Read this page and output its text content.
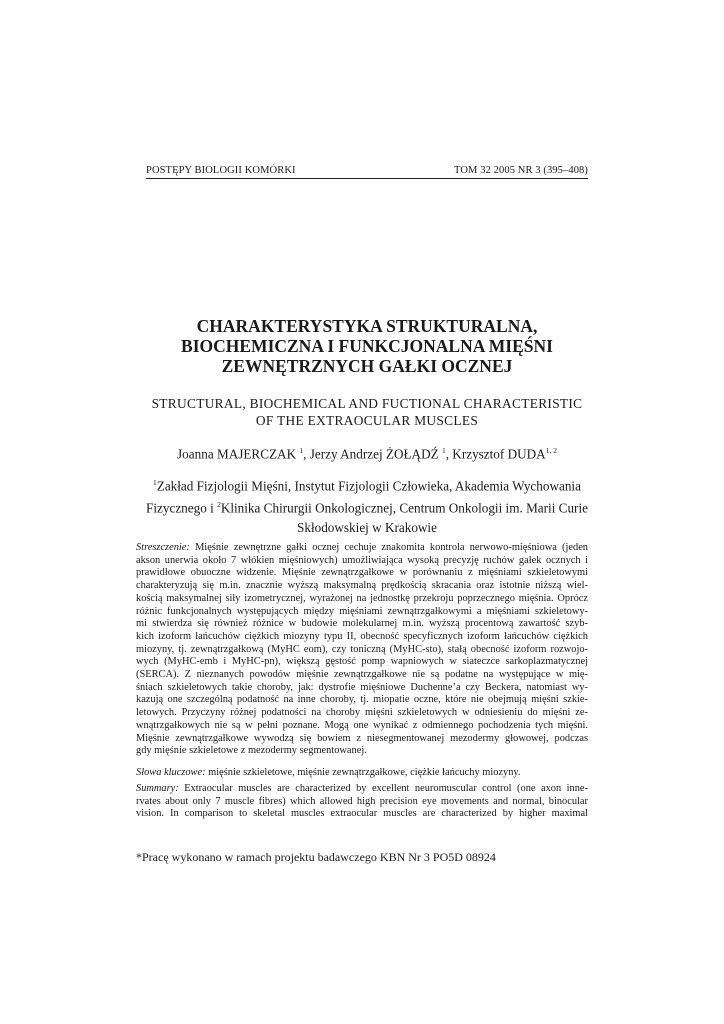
POSTĘPY BIOLOGII KOMÓRKI	TOM 32 2005 NR 3 (395–408)
CHARAKTERYSTYKA STRUKTURALNA,
BIOCHEMICZNA I FUNKCJONALNA MIĘŚNI
ZEWNĘTRZNYCH GAŁKI OCZNEJ
STRUCTURAL, BIOCHEMICAL AND FUCTIONAL CHARACTERISTIC
OF THE EXTRAOCULAR MUSCLES
Joanna MAJERCZAK $^1$, Jerzy Andrzej ŻOŁĄDŹ $^1$, Krzysztof DUDA$^{1, 2}$
$^1$Zakład Fizjologii Mięśni, Instytut Fizjologii Człowieka, Akademia Wychowania
Fizycznego i $^2$Klinika Chirurgii Onkologicznej, Centrum Onkologii im. Marii Curie
Skłodowskiej w Krakowie
Streszczenie: Mięśnie zewnętrzne gałki ocznej cechuje znakomita kontrola nerwowo-mięśniowa (jeden
akson unerwia około 7 włókien mięśniowych) umożliwiająca wysoką precyzję ruchów gałek ocznych i
prawidłowe obuoczne widzenie. Mięśnie zewnątrzgałkowe w porównaniu z mięśniami szkieletowymi
charakteryzują się m.in. znacznie wyższą maksymalną prędkością skracania oraz istotnie niższą wiel-
kością maksymalnej siły izometrycznej, wyrażonej na jednostkę przekroju poprzecznego mięśnia. Oprócz
różnic funkcjonalnych występujących między mięśniami zewnątrzgałkowymi a mięśniami szkieletowy-
mi stwierdza się również różnice w budowie molekularnej m.in. wyższą procentową zawartość szyb-
kich izoform łańcuchów ciężkich miozyny typu II, obecność specyficznych izoform łańcuchów ciężkich
miozyny, tj. zewnątrzgałkową (MyHC eom), czy toniczną (MyHC-sto), stałą obecność izoform rozwojo-
wych (MyHC-emb i MyHC-pn), większą gęstość pomp wapniowych w siateczce sarkoplazmatycznej
(SERCA). Z nieznanych powodów mięśnie zewnątrzgałkowe nie są podatne na występujące w mię-
śniach szkieletowych takie choroby, jak: dystrofie mięśniowe Duchenne’a czy Beckera, natomiast wy-
kazują one szczególną podatność na inne choroby, tj. miopatie oczne, które nie obejmują mięśni szkie-
letowych. Przyczyny różnej podatności na choroby mięśni szkieletowych w odniesieniu do mięśni ze-
wnątrzgałkowych nie są w pełni poznane. Mogą one wynikać z odmiennego pochodzenia tych mięśni.
Mięśnie zewnątrzgałkowe wywodzą się bowiem z niesegmentowanej mezodermy głowowej, podczas
gdy mięśnie szkieletowe z mezodermy segmentowanej.
Słowa kluczowe: mięśnie szkieletowe, mięśnie zewnątrzgałkowe, ciężkie łańcuchy miozyny.
Summary: Extraocular muscles are characterized by excellent neuromuscular control (one axon inne-
rvates about only 7 muscle fibres) which allowed high precision eye movements and normal, binocular
vision. In comparison to skeletal muscles extraocular muscles are characterized by higher maximal
*Pracę wykonano w ramach projektu badawczego KBN Nr 3 PO5D 08924
